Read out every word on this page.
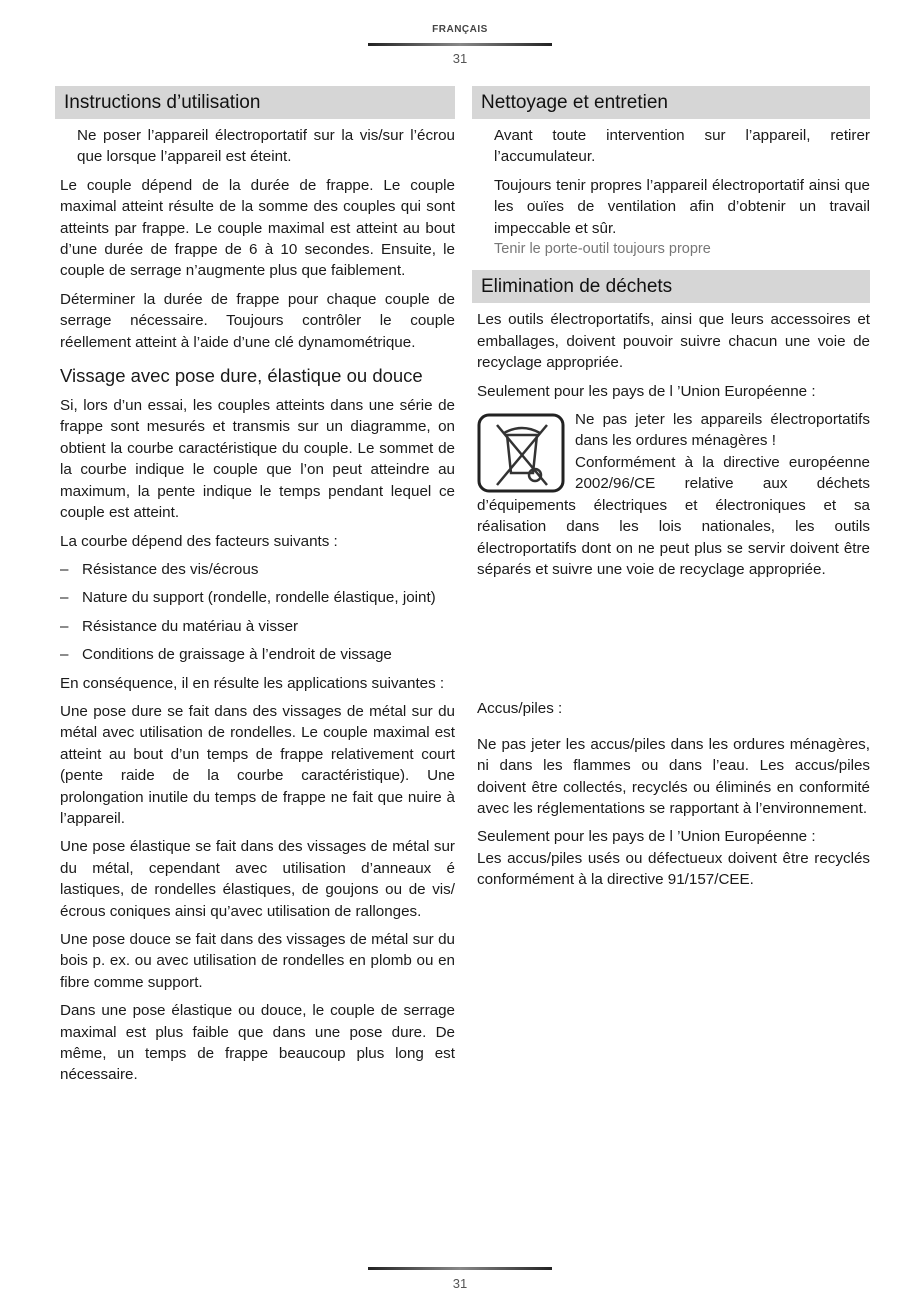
FRANÇAIS
31
Instructions d’utilisation

Ne poser l’appareil électroportatif sur la vis/sur l’écrou que lorsque l’appareil est éteint.

Le couple dépend de la durée de frappe. Le couple maximal atteint résulte de la somme des couples qui sont atteints par frappe. Le couple maximal est atteint au bout d’une durée de frappe de 6 à 10 secondes. Ensuite, le couple de serrage n’augmente plus que faiblement.

Déterminer la durée de frappe pour chaque couple de serrage nécessaire. Toujours contrôler le couple réellement atteint à l’aide d’une clé dynamométrique.

Vissage avec pose dure, élastique ou douce

Si, lors d’un essai, les couples atteints dans une série de frappe sont mesurés et transmis sur un diagramme, on obtient la courbe caractéristique du couple. Le sommet de la courbe indique le couple que l’on peut atteindre au maximum, la pente indique le temps pendant lequel ce couple est atteint.

La courbe dépend des facteurs suivants :

– Résistance des vis/écrous
– Nature du support (rondelle, rondelle élastique, joint)
– Résistance du matériau à visser
– Conditions de graissage à l’endroit de vissage

En conséquence, il en résulte les applications suivantes :

Une pose dure se fait dans des vissages de métal sur du métal avec utilisation de rondelles. Le couple maximal est atteint au bout d’un temps de frappe relativement court (pente raide de la courbe caractéristique). Une prolongation inutile du temps de frappe ne fait que nuire à l’appareil.

Une pose élastique se fait dans des vissages de métal sur du métal, cependant avec utilisation d’anneaux é lastiques, de rondelles élastiques, de goujons ou de vis/écrous coniques ainsi qu’avec utilisation de rallonges.

Une pose douce se fait dans des vissages de métal sur du bois p. ex. ou avec utilisation de rondelles en plomb ou en fibre comme support.

Dans une pose élastique ou douce, le couple de serrage maximal est plus faible que dans une pose dure. De même, un temps de frappe beaucoup plus long est nécessaire.

Nettoyage et entretien

Avant toute intervention sur l’appareil, retirer l’accumulateur.

Toujours tenir propres l’appareil électroportatif ainsi que les ouïes de ventilation afin d’obtenir un travail impeccable et sûr.

Tenir le porte-outil toujours propre

Elimination de déchets

Les outils électroportatifs, ainsi que leurs accessoires et emballages, doivent pouvoir suivre chacun une voie de recyclage appropriée.

Seulement pour les pays de l ’Union Européenne :

Ne pas jeter les appareils électroportatifs dans les ordures ménagères !

Conformément à la directive européenne 2002/96/CE relative aux déchets d’équipements électriques et électroniques et sa réalisation dans les lois nationales, les outils électroportatifs dont on ne peut plus se servir doivent être séparés et suivre une voie de recyclage appropriée.

Accus/piles :

Ne pas jeter les accus/piles dans les ordures ménagères, ni dans les flammes ou dans l’eau. Les accus/piles doivent être collectés, recyclés ou éliminés en conformité avec les réglementations se rapportant à l’environnement.

Seulement pour les pays de l ’Union Européenne :

Les accus/piles usés ou défectueux doivent être recyclés conformément à la directive 91/157/CEE.

31
